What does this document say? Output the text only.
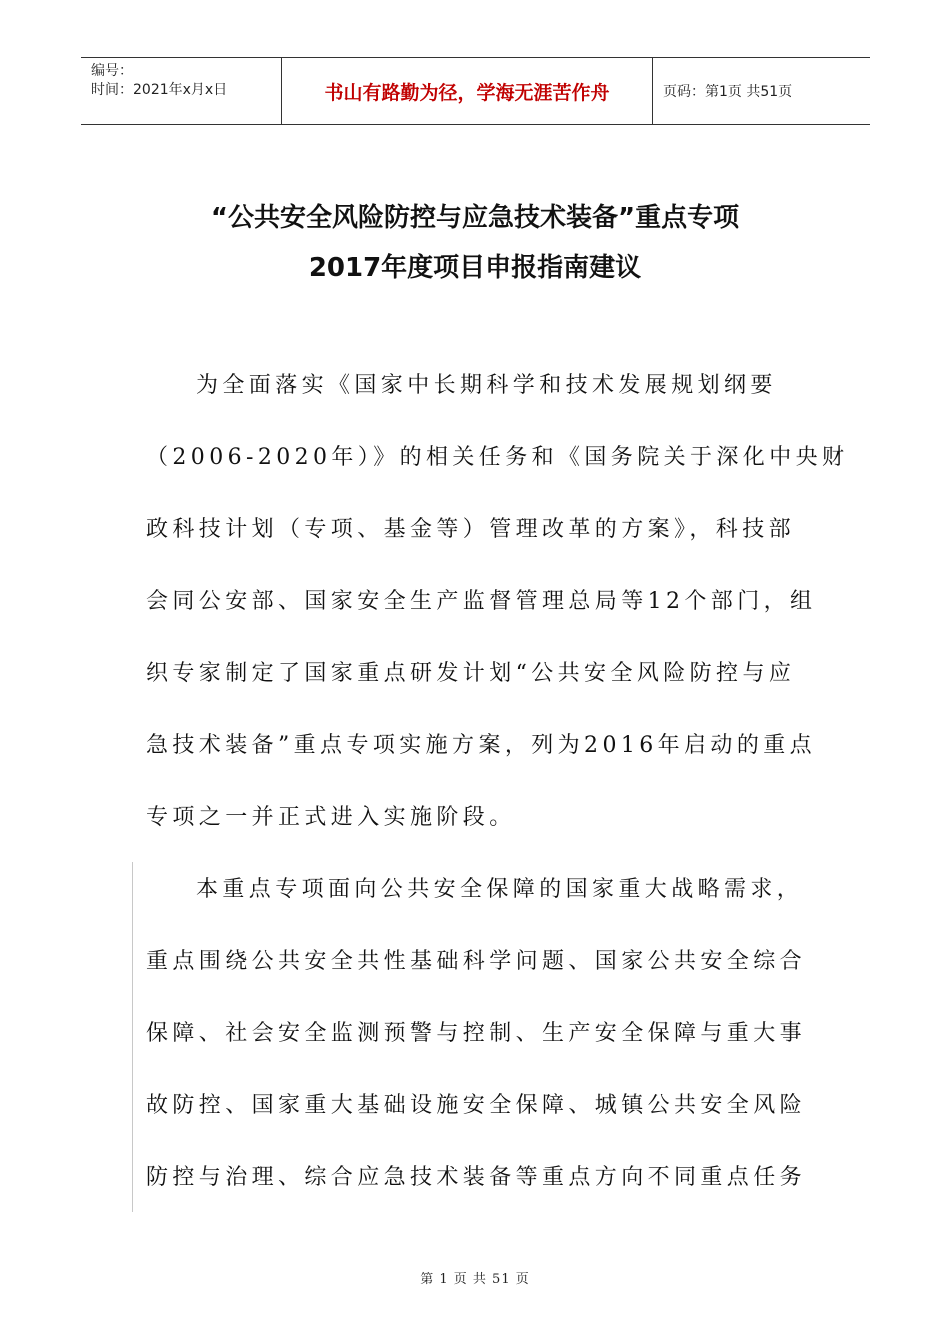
编号：
时间：2021年x月x日	书山有路勤为径，学海无涯苦作舟	页码：第1页 共51页
“公共安全风险防控与应急技术装备”重点专项
2017年度项目申报指南建议
为全面落实《国家中长期科学和技术发展规划纲要
（2006-2020年）》的相关任务和《国务院关于深化中央财
政科技计划（专项、基金等）管理改革的方案》，科技部
会同公安部、国家安全生产监督管理总局等12个部门，组
织专家制定了国家重点研发计划“公共安全风险防控与应
急技术装备”重点专项实施方案，列为2016年启动的重点
专项之一并正式进入实施阶段。
本重点专项面向公共安全保障的国家重大战略需求，
重点围绕公共安全共性基础科学问题、国家公共安全综合
保障、社会安全监测预警与控制、生产安全保障与重大事
故防控、国家重大基础设施安全保障、城镇公共安全风险
防控与治理、综合应急技术装备等重点方向不同重点任务
第 1 页 共 51 页
